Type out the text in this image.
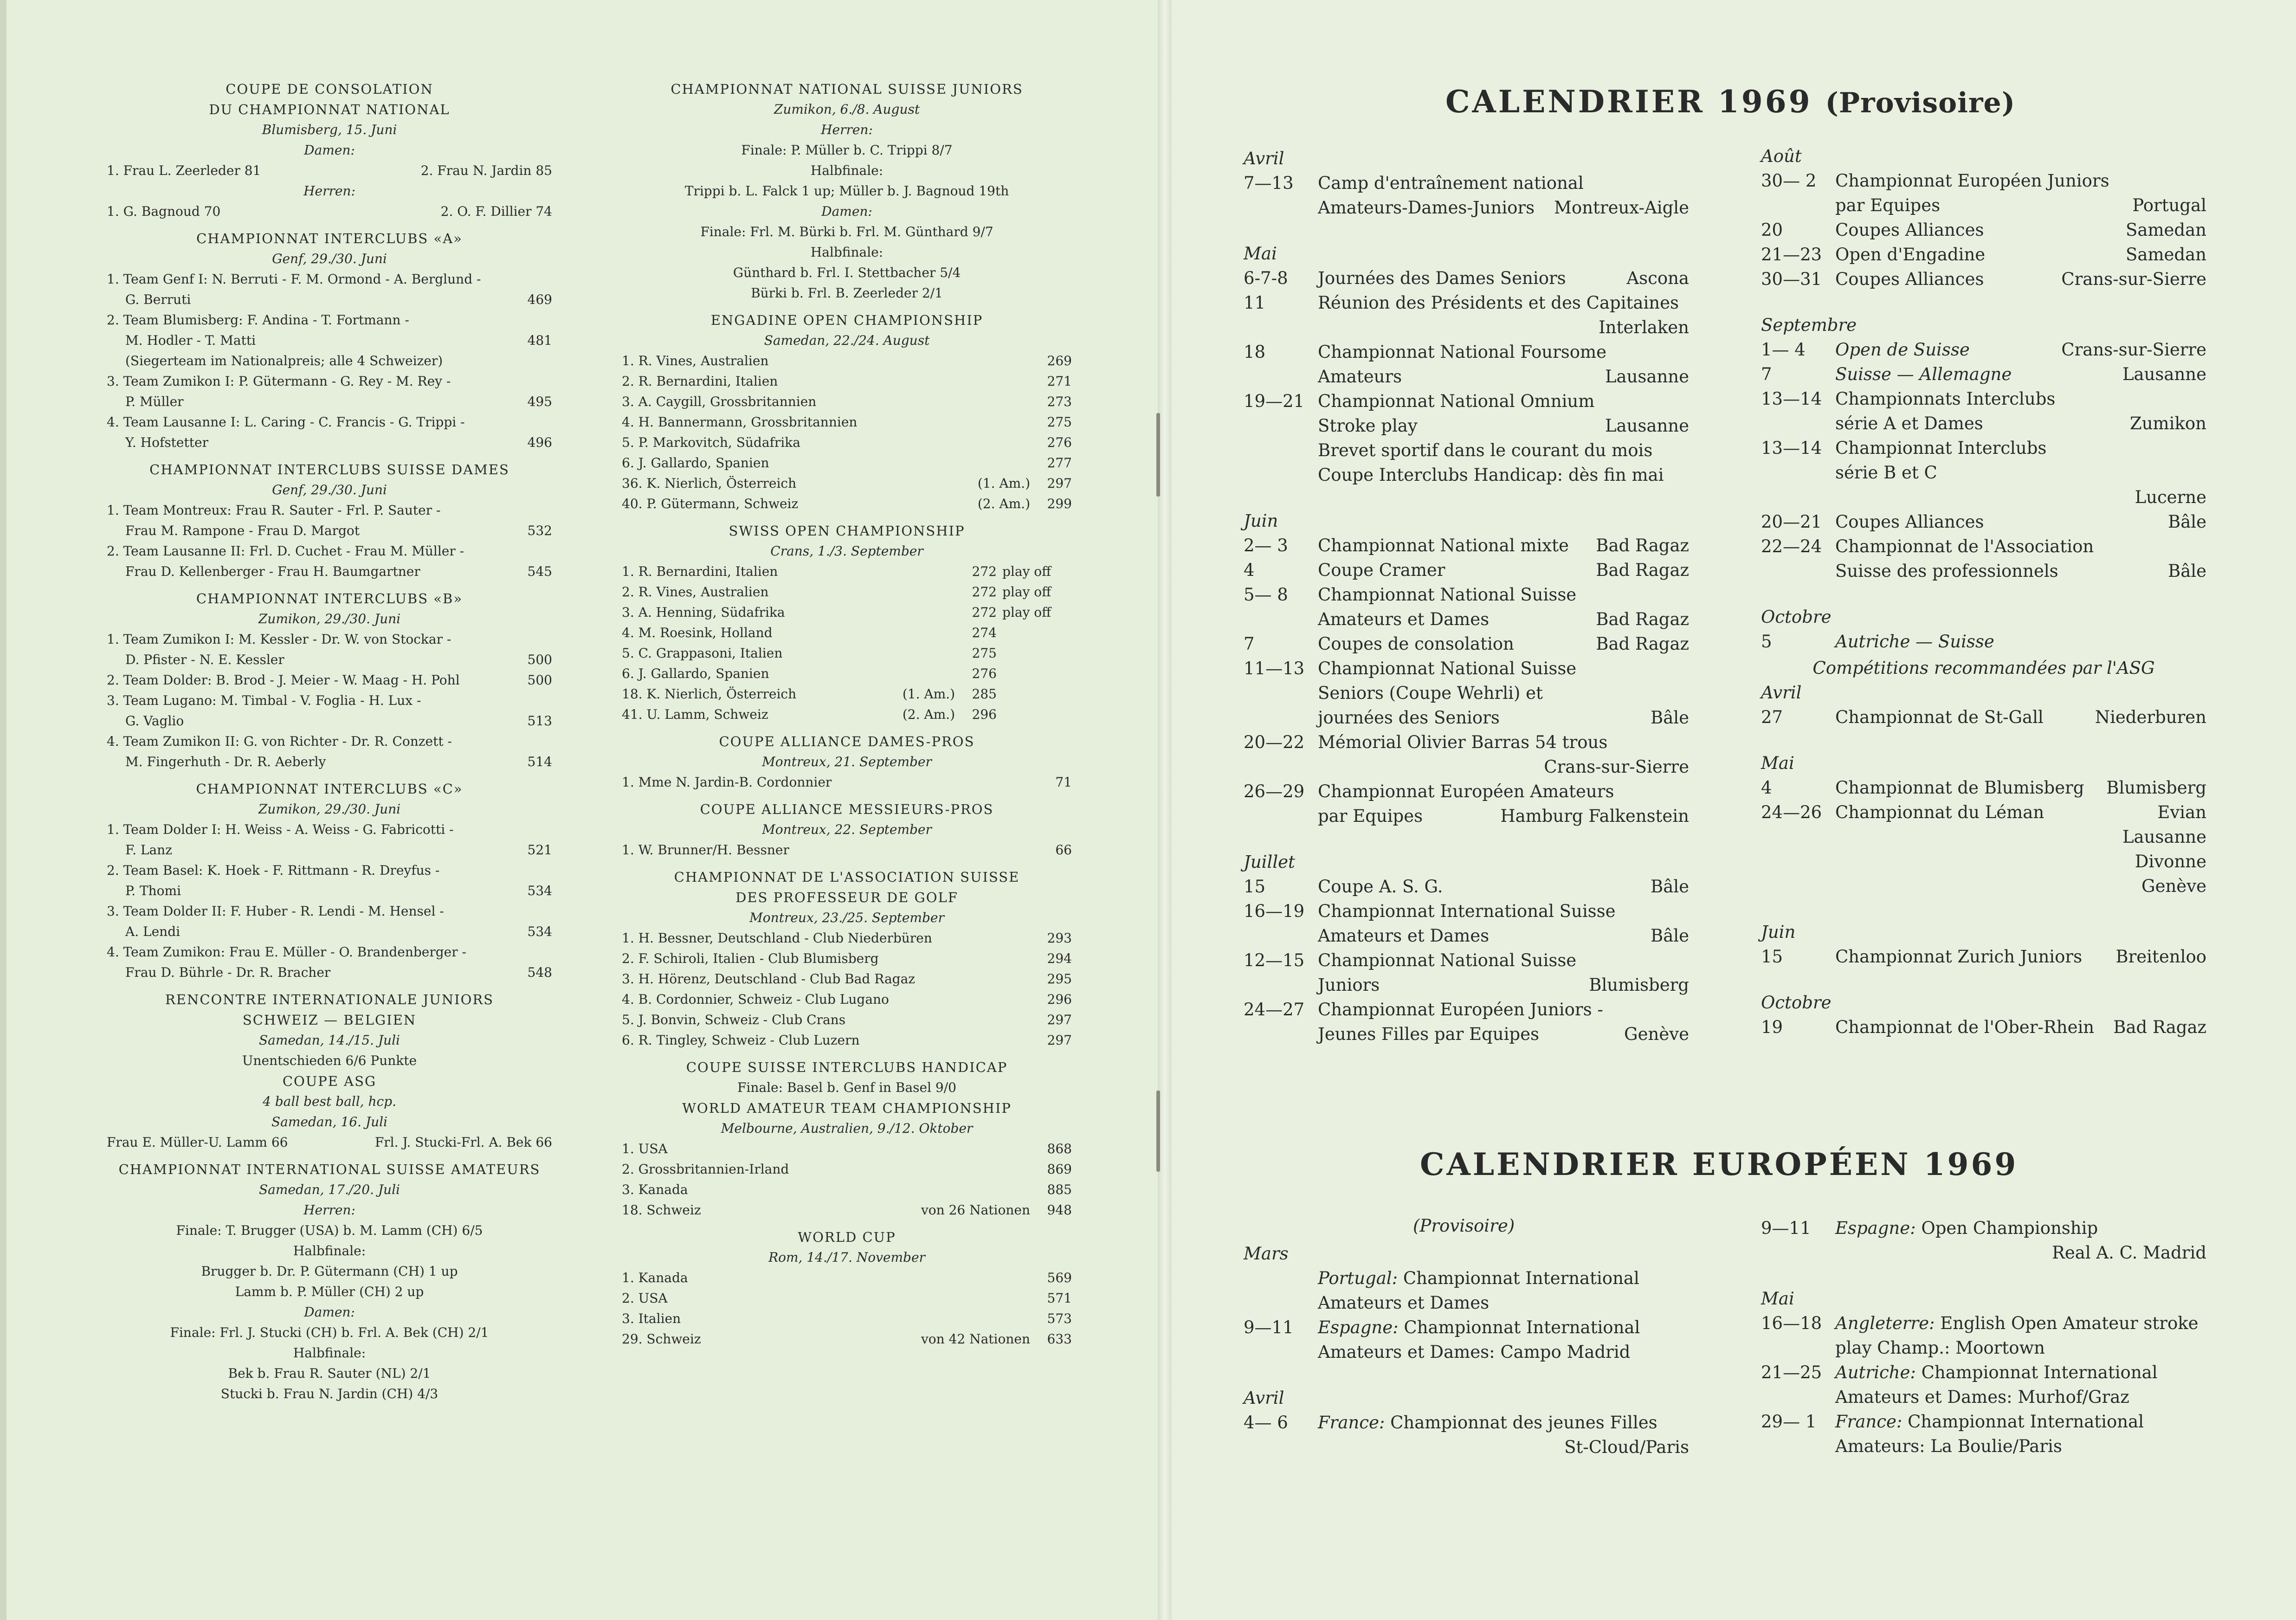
COUPE DE CONSOLATION
DU CHAMPIONNAT NATIONAL
Blumisberg, 15. Juni
Damen:
1. Frau L. Zeerleder 81	2. Frau N. Jardin 85
Herren:
1. G. Bagnoud 70	2. O. F. Dillier 74
CHAMPIONNAT INTERCLUBS «A»
Genf, 29./30. Juni
1. Team Genf I: N. Berruti - F. M. Ormond - A. Berglund -
G. Berruti	469
2. Team Blumisberg: F. Andina - T. Fortmann -
M. Hodler - T. Matti	481
(Siegerteam im Nationalpreis; alle 4 Schweizer)
3. Team Zumikon I: P. Gütermann - G. Rey - M. Rey -
P. Müller	495
4. Team Lausanne I: L. Caring - C. Francis - G. Trippi -
Y. Hofstetter	496
CHAMPIONNAT INTERCLUBS SUISSE DAMES
Genf, 29./30. Juni
1. Team Montreux: Frau R. Sauter - Frl. P. Sauter -
Frau M. Rampone - Frau D. Margot	532
2. Team Lausanne II: Frl. D. Cuchet - Frau M. Müller -
Frau D. Kellenberger - Frau H. Baumgartner	545
CHAMPIONNAT INTERCLUBS «B»
Zumikon, 29./30. Juni
1. Team Zumikon I: M. Kessler - Dr. W. von Stockar -
D. Pfister - N. E. Kessler	500
2. Team Dolder: B. Brod - J. Meier - W. Maag - H. Pohl	500
3. Team Lugano: M. Timbal - V. Foglia - H. Lux -
G. Vaglio	513
4. Team Zumikon II: G. von Richter - Dr. R. Conzett -
M. Fingerhuth - Dr. R. Aeberly	514
CHAMPIONNAT INTERCLUBS «C»
Zumikon, 29./30. Juni
1. Team Dolder I: H. Weiss - A. Weiss - G. Fabricotti -
F. Lanz	521
2. Team Basel: K. Hoek - F. Rittmann - R. Dreyfus -
P. Thomi	534
3. Team Dolder II: F. Huber - R. Lendi - M. Hensel -
A. Lendi	534
4. Team Zumikon: Frau E. Müller - O. Brandenberger -
Frau D. Bührle - Dr. R. Bracher	548
RENCONTRE INTERNATIONALE JUNIORS
SCHWEIZ — BELGIEN
Samedan, 14./15. Juli
Unentschieden 6/6 Punkte
COUPE ASG
4 ball best ball, hcp.
Samedan, 16. Juli
Frau E. Müller-U. Lamm 66	Frl. J. Stucki-Frl. A. Bek 66
CHAMPIONNAT INTERNATIONAL SUISSE AMATEURS
Samedan, 17./20. Juli
Herren:
Finale: T. Brugger (USA) b. M. Lamm (CH) 6/5
Halbfinale:
Brugger b. Dr. P. Gütermann (CH) 1 up
Lamm b. P. Müller (CH) 2 up
Damen:
Finale: Frl. J. Stucki (CH) b. Frl. A. Bek (CH) 2/1
Halbfinale:
Bek b. Frau R. Sauter (NL) 2/1
Stucki b. Frau N. Jardin (CH) 4/3
CHAMPIONNAT NATIONAL SUISSE JUNIORS
Zumikon, 6./8. August
Herren:
Finale: P. Müller b. C. Trippi 8/7
Halbfinale:
Trippi b. L. Falck 1 up; Müller b. J. Bagnoud 19th
Damen:
Finale: Frl. M. Bürki b. Frl. M. Günthard 9/7
Halbfinale:
Günthard b. Frl. I. Stettbacher 5/4
Bürki b. Frl. B. Zeerleder 2/1
ENGADINE OPEN CHAMPIONSHIP
Samedan, 22./24. August
1. R. Vines, Australien	269
2. R. Bernardini, Italien	271
3. A. Caygill, Grossbritannien	273
4. H. Bannermann, Grossbritannien	275
5. P. Markovitch, Südafrika	276
6. J. Gallardo, Spanien	277
36. K. Nierlich, Österreich	(1. Am.)	297
40. P. Gütermann, Schweiz	(2. Am.)	299
SWISS OPEN CHAMPIONSHIP
Crans, 1./3. September
1. R. Bernardini, Italien	272 play off
2. R. Vines, Australien	272 play off
3. A. Henning, Südafrika	272 play off
4. M. Roesink, Holland	274
5. C. Grappasoni, Italien	275
6. J. Gallardo, Spanien	276
18. K. Nierlich, Österreich	(1. Am.)	285
41. U. Lamm, Schweiz	(2. Am.)	296
COUPE ALLIANCE DAMES-PROS
Montreux, 21. September
1. Mme N. Jardin-B. Cordonnier	71
COUPE ALLIANCE MESSIEURS-PROS
Montreux, 22. September
1. W. Brunner/H. Bessner	66
CHAMPIONNAT DE L'ASSOCIATION SUISSE
DES PROFESSEUR DE GOLF
Montreux, 23./25. September
1. H. Bessner, Deutschland - Club Niederbüren	293
2. F. Schiroli, Italien - Club Blumisberg	294
3. H. Hörenz, Deutschland - Club Bad Ragaz	295
4. B. Cordonnier, Schweiz - Club Lugano	296
5. J. Bonvin, Schweiz - Club Crans	297
6. R. Tingley, Schweiz - Club Luzern	297
COUPE SUISSE INTERCLUBS HANDICAP
Finale: Basel b. Genf in Basel 9/0
WORLD AMATEUR TEAM CHAMPIONSHIP
Melbourne, Australien, 9./12. Oktober
1. USA	868
2. Grossbritannien-Irland	869
3. Kanada	885
18. Schweiz	von 26 Nationen	948
WORLD CUP
Rom, 14./17. November
1. Kanada	569
2. USA	571
3. Italien	573
29. Schweiz	von 42 Nationen	633
CALENDRIER 1969 (Provisoire)
Avril
7—13	Camp d'entraînement national
Amateurs-Dames-Juniors Montreux-Aigle
Mai
6-7-8	Journées des Dames Seniors	Ascona
11	Réunion des Présidents et des Capitaines
Interlaken
18	Championnat National Foursome
Amateurs	Lausanne
19—21 Championnat National Omnium
Stroke play	Lausanne
Brevet sportif dans le courant du mois
Coupe Interclubs Handicap: dès fin mai
Juin
2— 3	Championnat National mixte Bad Ragaz
4	Coupe Cramer	Bad Ragaz
5— 8	Championnat National Suisse
Amateurs et Dames	Bad Ragaz
7	Coupes de consolation	Bad Ragaz
11—13 Championnat National Suisse
Seniors (Coupe Wehrli) et
journées des Seniors	Bâle
20—22 Mémorial Olivier Barras 54 trous
Crans-sur-Sierre
26—29 Championnat Européen Amateurs
par Equipes	Hamburg Falkenstein
Juillet
15	Coupe A. S. G.	Bâle
16—19 Championnat International Suisse
Amateurs et Dames	Bâle
12—15 Championnat National Suisse
Juniors	Blumisberg
24—27 Championnat Européen Juniors -
Jeunes Filles par Equipes	Genève
Août
30— 2	Championnat Européen Juniors
par Equipes	Portugal
20	Coupes Alliances	Samedan
21—23 Open d'Engadine	Samedan
30—31 Coupes Alliances	Crans-sur-Sierre
Septembre
1— 4	Open de Suisse	Crans-sur-Sierre
7	Suisse — Allemagne	Lausanne
13—14 Championnats Interclubs
série A et Dames	Zumikon
13—14 Championnat Interclubs
série B et C
Lucerne
20—21 Coupes Alliances	Bâle
22—24 Championnat de l'Association
Suisse des professionnels	Bâle
Octobre
5	Autriche — Suisse
Compétitions recommandées par l'ASG
Avril
27	Championnat de St-Gall	Niederburen
Mai
4	Championnat de Blumisberg Blumisberg
24—26 Championnat du Léman	Evian
Lausanne
Divonne
Genève
Juin
15	Championnat Zurich Juniors Breitenloo
Octobre
19	Championnat de l'Ober-Rhein Bad Ragaz
CALENDRIER EUROPÉEN 1969
(Provisoire)
Mars
Portugal: Championnat International
Amateurs et Dames
9—11	Espagne: Championnat International
Amateurs et Dames: Campo Madrid
Avril
4— 6	France: Championnat des jeunes Filles
St-Cloud/Paris
9—11	Espagne: Open Championship
Real A. C. Madrid
Mai
16—18 Angleterre: English Open Amateur stroke
play Champ.: Moortown
21—25 Autriche: Championnat International
Amateurs et Dames: Murhof/Graz
29— 1	France: Championnat International
Amateurs: La Boulie/Paris
